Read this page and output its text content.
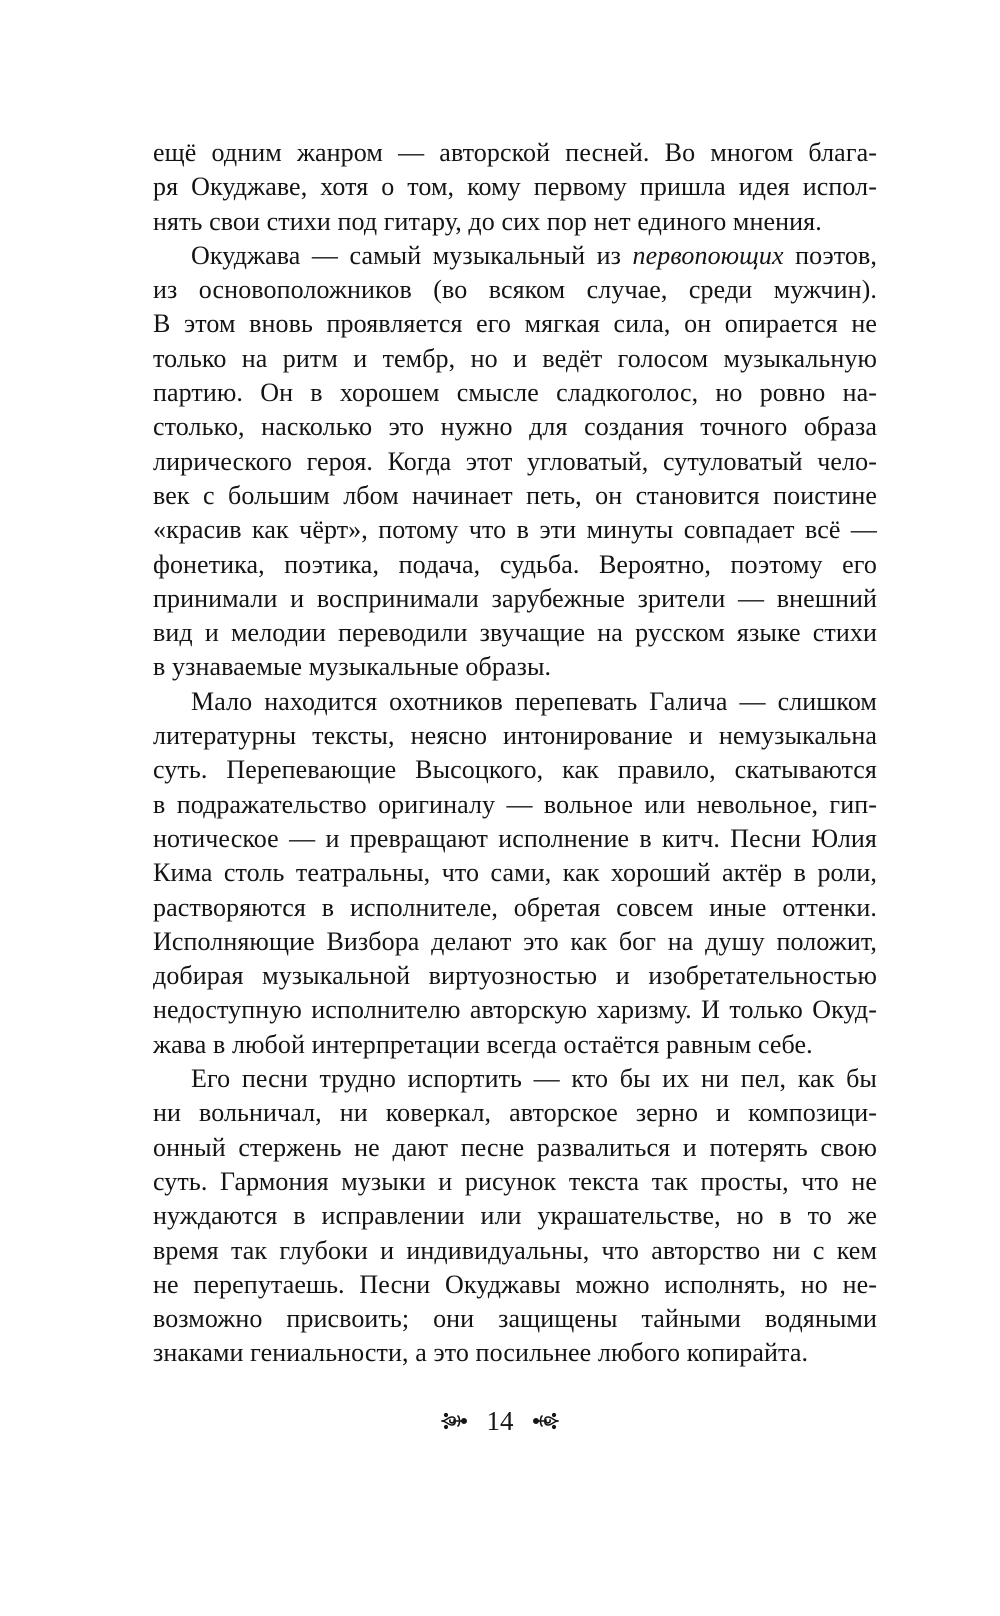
ещё одним жанром — авторской песней. Во многом блага-
ря Окуджаве, хотя о том, кому первому пришла идея испол-
нять свои стихи под гитару, до сих пор нет единого мнения.
Окуджава — самый музыкальный из первопоющих поэтов,
из основоположников (во всяком случае, среди мужчин).
В этом вновь проявляется его мягкая сила, он опирается не
только на ритм и тембр, но и ведёт голосом музыкальную
партию. Он в хорошем смысле сладкоголос, но ровно на-
столько, насколько это нужно для создания точного образа
лирического героя. Когда этот угловатый, сутуловатый чело-
век с большим лбом начинает петь, он становится поистине
«красив как чёрт», потому что в эти минуты совпадает всё —
фонетика, поэтика, подача, судьба. Вероятно, поэтому его
принимали и воспринимали зарубежные зрители — внешний
вид и мелодии переводили звучащие на русском языке стихи
в узнаваемые музыкальные образы.
Мало находится охотников перепевать Галича — слишком
литературны тексты, неясно интонирование и немузыкальна
суть. Перепевающие Высоцкого, как правило, скатываются
в подражательство оригиналу — вольное или невольное, гип-
нотическое — и превращают исполнение в китч. Песни Юлия
Кима столь театральны, что сами, как хороший актёр в роли,
растворяются в исполнителе, обретая совсем иные оттенки.
Исполняющие Визбора делают это как бог на душу положит,
добирая музыкальной виртуозностью и изобретательностью
недоступную исполнителю авторскую харизму. И только Окуд-
жава в любой интерпретации всегда остаётся равным себе.
Его песни трудно испортить — кто бы их ни пел, как бы
ни вольничал, ни коверкал, авторское зерно и композици-
онный стержень не дают песне развалиться и потерять свою
суть. Гармония музыки и рисунок текста так просты, что не
нуждаются в исправлении или украшательстве, но в то же
время так глубоки и индивидуальны, что авторство ни с кем
не перепутаешь. Песни Окуджавы можно исполнять, но не-
возможно присвоить; они защищены тайными водяными
знаками гениальности, а это посильнее любого копирайта.
14
